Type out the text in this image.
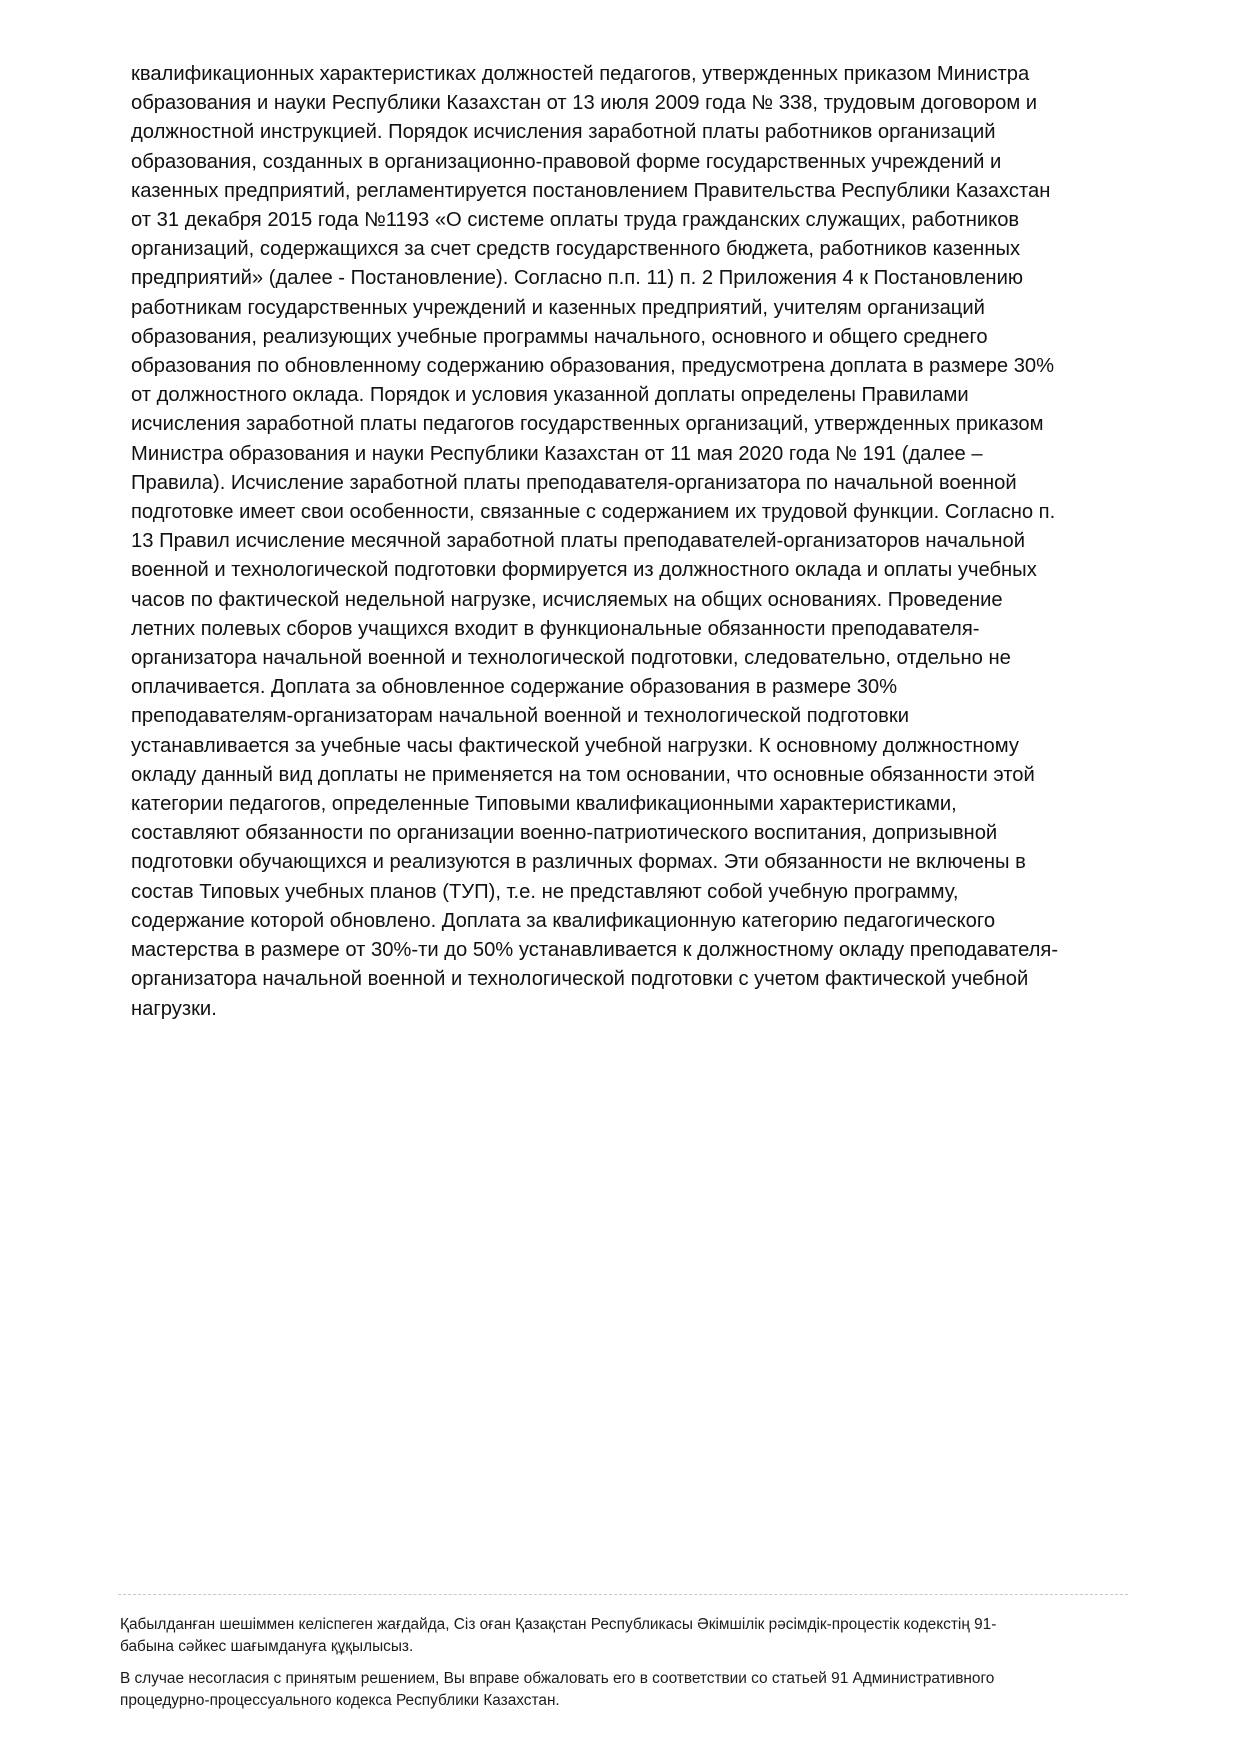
квалификационных характеристиках должностей педагогов, утвержденных приказом Министра
образования и науки Республики Казахстан от 13 июля 2009 года № 338, трудовым договором и
должностной инструкцией. Порядок исчисления заработной платы работников организаций
образования, созданных в организационно-правовой форме государственных учреждений и
казенных предприятий, регламентируется постановлением Правительства Республики Казахстан
от 31 декабря 2015 года №1193 «О системе оплаты труда гражданских служащих, работников
организаций, содержащихся за счет средств государственного бюджета, работников казенных
предприятий» (далее - Постановление). Согласно п.п. 11) п. 2 Приложения 4 к Постановлению
работникам государственных учреждений и казенных предприятий, учителям организаций
образования, реализующих учебные программы начального, основного и общего среднего
образования по обновленному содержанию образования, предусмотрена доплата в размере 30%
от должностного оклада. Порядок и условия указанной доплаты определены Правилами
исчисления заработной платы педагогов государственных организаций, утвержденных приказом
Министра образования и науки Республики Казахстан от 11 мая 2020 года № 191 (далее –
Правила). Исчисление заработной платы преподавателя-организатора по начальной военной
подготовке имеет свои особенности, связанные с содержанием их трудовой функции. Согласно п.
13 Правил исчисление месячной заработной платы преподавателей-организаторов начальной
военной и технологической подготовки формируется из должностного оклада и оплаты учебных
часов по фактической недельной нагрузке, исчисляемых на общих основаниях. Проведение
летних полевых сборов учащихся входит в функциональные обязанности преподавателя-
организатора начальной военной и технологической подготовки, следовательно, отдельно не
оплачивается. Доплата за обновленное содержание образования в размере 30%
преподавателям-организаторам начальной военной и технологической подготовки
устанавливается за учебные часы фактической учебной нагрузки. К основному должностному
окладу данный вид доплаты не применяется на том основании, что основные обязанности этой
категории педагогов, определенные Типовыми квалификационными характеристиками,
составляют обязанности по организации военно-патриотического воспитания, допризывной
подготовки обучающихся и реализуются в различных формах. Эти обязанности не включены в
состав Типовых учебных планов (ТУП), т.е. не представляют собой учебную программу,
содержание которой обновлено. Доплата за квалификационную категорию педагогического
мастерства в размере от 30%-ти до 50% устанавливается к должностному окладу преподавателя-
организатора начальной военной и технологической подготовки с учетом фактической учебной
нагрузки.

Қабылданған шешіммен келіспеген жағдайда, Сіз оған Қазақстан Республикасы Әкімшілік рәсімдік-процестік кодекстің 91-
бабына сәйкес шағымдануға құқылысыз.

В случае несогласия с принятым решением, Вы вправе обжаловать его в соответствии со статьей 91 Административного
процедурно-процессуального кодекса Республики Казахстан.
